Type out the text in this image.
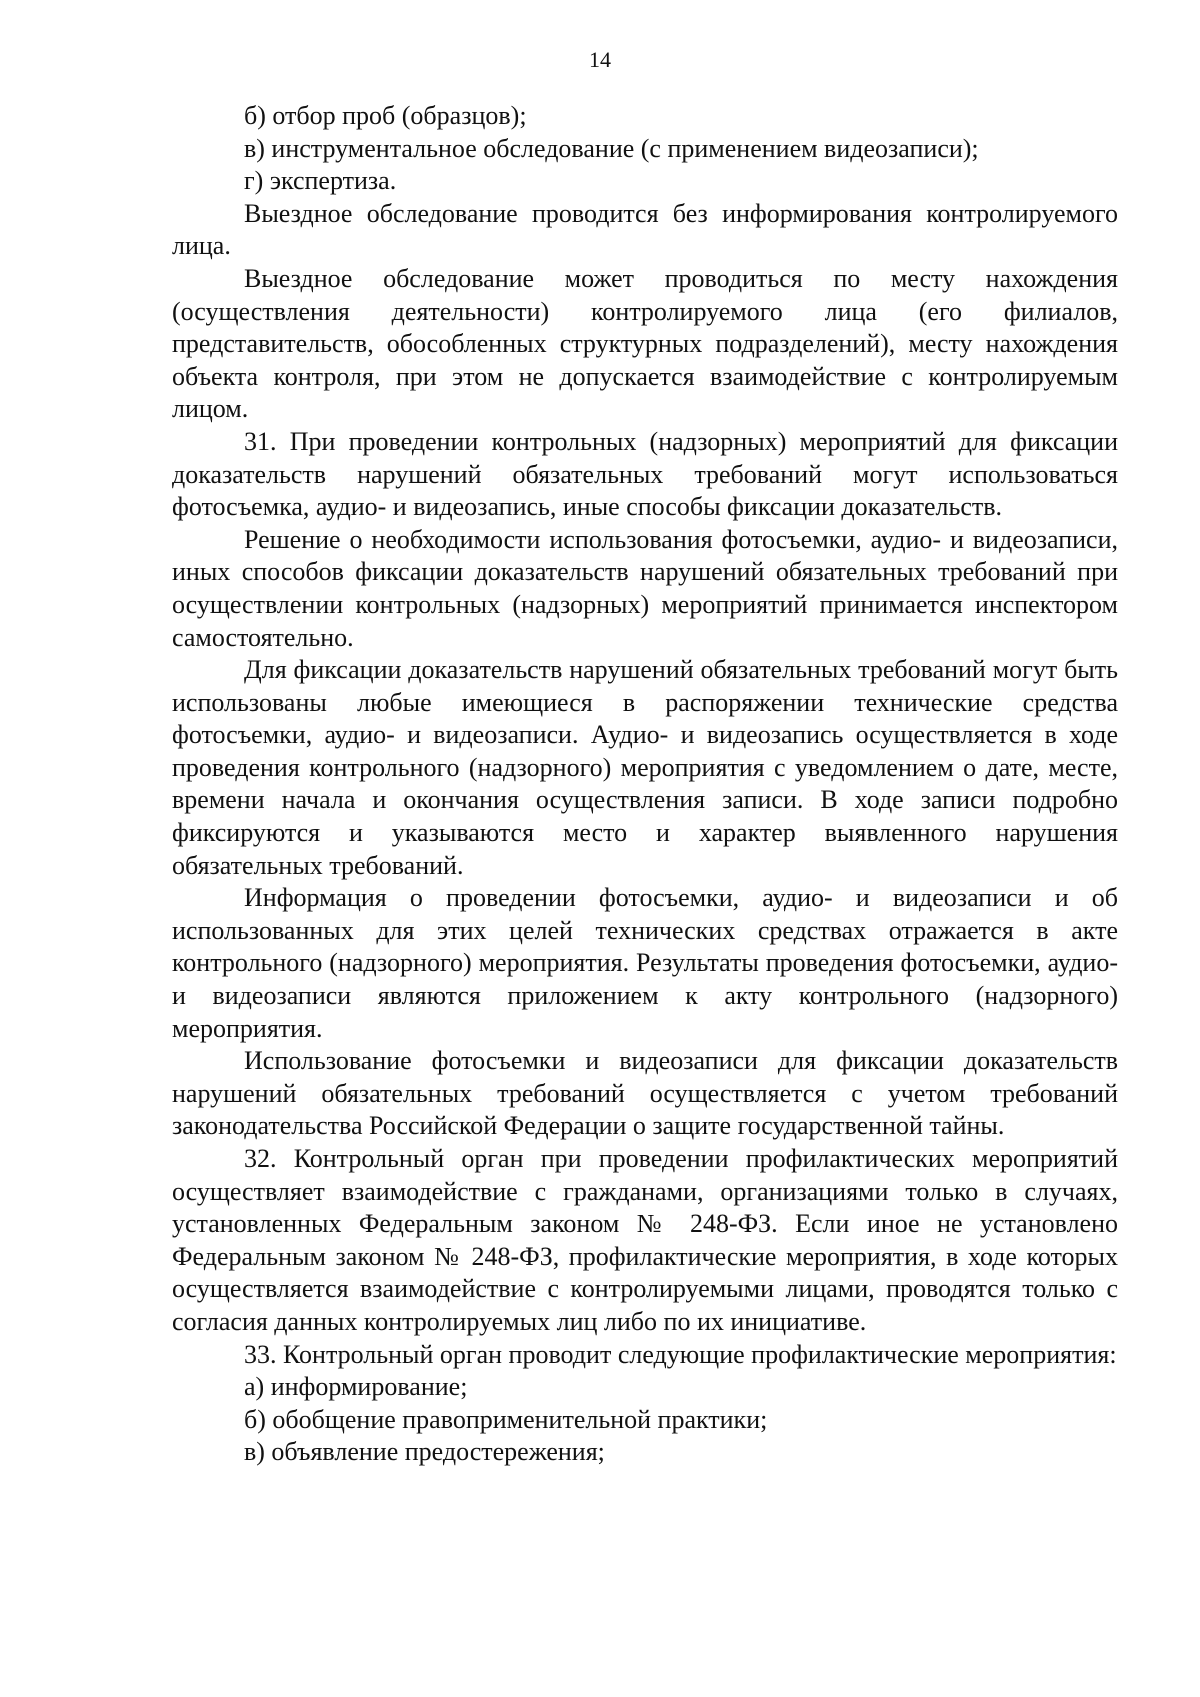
14

б) отбор проб (образцов);

в) инструментальное обследование (с применением видеозаписи);

г) экспертиза.

Выездное обследование проводится без информирования контролируемого лица.

Выездное обследование может проводиться по месту нахождения (осуществления деятельности) контролируемого лица (его филиалов, представительств, обособленных структурных подразделений), месту нахождения объекта контроля, при этом не допускается взаимодействие с контролируемым лицом.

31. При проведении контрольных (надзорных) мероприятий для фиксации доказательств нарушений обязательных требований могут использоваться фотосъемка, аудио- и видеозапись, иные способы фиксации доказательств.

Решение о необходимости использования фотосъемки, аудио- и видеозаписи, иных способов фиксации доказательств нарушений обязательных требований при осуществлении контрольных (надзорных) мероприятий принимается инспектором самостоятельно.

Для фиксации доказательств нарушений обязательных требований могут быть использованы любые имеющиеся в распоряжении технические средства фотосъемки, аудио- и видеозаписи. Аудио- и видеозапись осуществляется в ходе проведения контрольного (надзорного) мероприятия с уведомлением о дате, месте, времени начала и окончания осуществления записи. В ходе записи подробно фиксируются и указываются место и характер выявленного нарушения обязательных требований.

Информация о проведении фотосъемки, аудио- и видеозаписи и об использованных для этих целей технических средствах отражается в акте контрольного (надзорного) мероприятия. Результаты проведения фотосъемки, аудио- и видеозаписи являются приложением к акту контрольного (надзорного) мероприятия.

Использование фотосъемки и видеозаписи для фиксации доказательств нарушений обязательных требований осуществляется с учетом требований законодательства Российской Федерации о защите государственной тайны.

32. Контрольный орган при проведении профилактических мероприятий осуществляет взаимодействие с гражданами, организациями только в случаях, установленных Федеральным законом № 248-ФЗ. Если иное не установлено Федеральным законом № 248-ФЗ, профилактические мероприятия, в ходе которых осуществляется взаимодействие с контролируемыми лицами, проводятся только с согласия данных контролируемых лиц либо по их инициативе.

33. Контрольный орган проводит следующие профилактические мероприятия:

а) информирование;

б) обобщение правоприменительной практики;

в) объявление предостережения;
